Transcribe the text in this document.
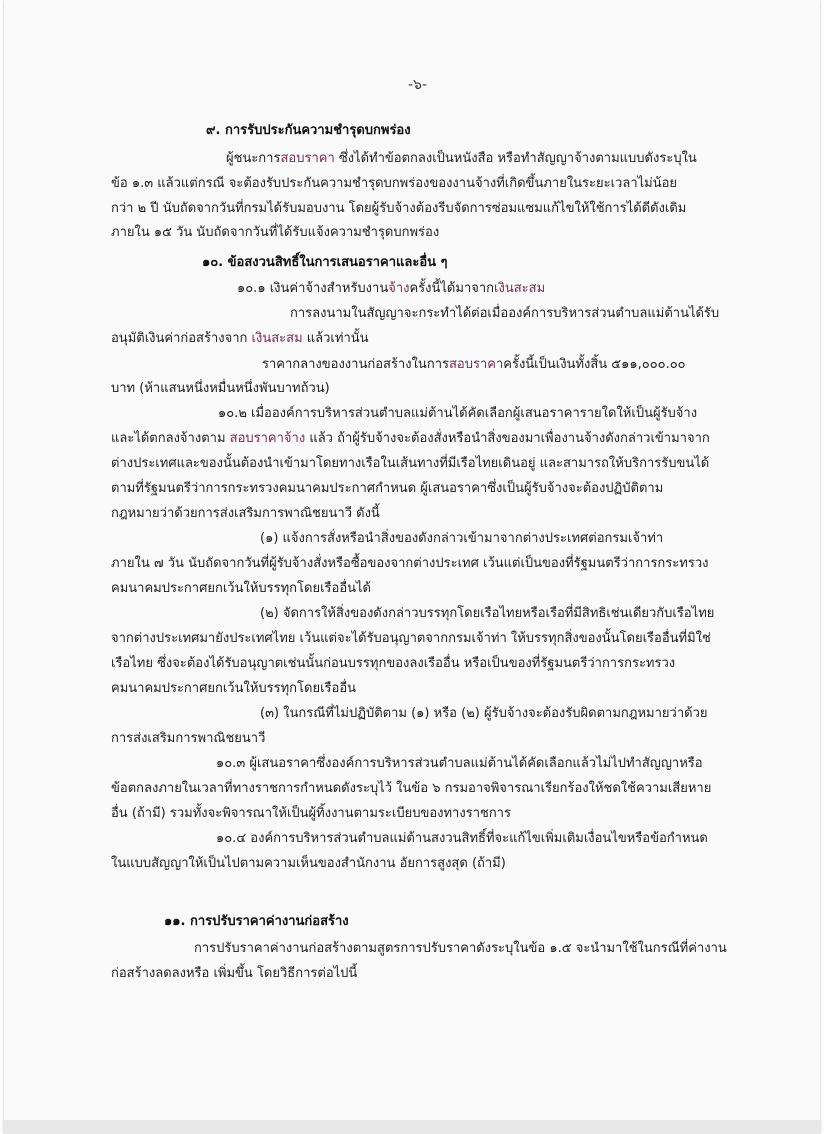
-๖-
๙. การรับประกันความชำรุดบกพร่อง
ผู้ชนะการสอบราคา ซึ่งได้ทำข้อตกลงเป็นหนังสือ หรือทำสัญญาจ้างตามแบบดังระบุใน
ข้อ ๑.๓ แล้วแต่กรณี จะต้องรับประกันความชำรุดบกพร่องของงานจ้างที่เกิดขึ้นภายในระยะเวลาไม่น้อย
กว่า ๒ ปี นับถัดจากวันที่กรมได้รับมอบงาน โดยผู้รับจ้างต้องรีบจัดการซ่อมแซมแก้ไขให้ใช้การได้ดีดังเดิม
ภายใน ๑๕ วัน นับถัดจากวันที่ได้รับแจ้งความชำรุดบกพร่อง
๑๐. ข้อสงวนสิทธิ์ในการเสนอราคาและอื่น ๆ
๑๐.๑ เงินค่าจ้างสำหรับงานจ้างครั้งนี้ได้มาจากเงินสะสม
การลงนามในสัญญาจะกระทำได้ต่อเมื่อองค์การบริหารส่วนตำบลแม่ต้านได้รับ
อนุมัติเงินค่าก่อสร้างจาก เงินสะสม แล้วเท่านั้น
ราคากลางของงานก่อสร้างในการสอบราคาครั้งนี้เป็นเงินทั้งสิ้น ๕๑๑,๐๐๐.๐๐
บาท (ห้าแสนหนึ่งหมื่นหนึ่งพันบาทถ้วน)
๑๐.๒ เมื่อองค์การบริหารส่วนตำบลแม่ต้านได้คัดเลือกผู้เสนอราคารายใดให้เป็นผู้รับจ้าง
และได้ตกลงจ้างตาม สอบราคาจ้าง แล้ว ถ้าผู้รับจ้างจะต้องสั่งหรือนำสิ่งของมาเพื่องานจ้างดังกล่าวเข้ามาจาก
ต่างประเทศและของนั้นต้องนำเข้ามาโดยทางเรือในเส้นทางที่มีเรือไทยเดินอยู่ และสามารถให้บริการรับขนได้
ตามที่รัฐมนตรีว่าการกระทรวงคมนาคมประกาศกำหนด ผู้เสนอราคาซึ่งเป็นผู้รับจ้างจะต้องปฏิบัติตาม
กฎหมายว่าด้วยการส่งเสริมการพาณิชยนาวี ดังนี้
(๑) แจ้งการสั่งหรือนำสิ่งของดังกล่าวเข้ามาจากต่างประเทศต่อกรมเจ้าท่า
ภายใน ๗ วัน นับถัดจากวันที่ผู้รับจ้างสั่งหรือซื้อของจากต่างประเทศ เว้นแต่เป็นของที่รัฐมนตรีว่าการกระทรวง
คมนาคมประกาศยกเว้นให้บรรทุกโดยเรืออื่นได้
(๒) จัดการให้สิ่งของดังกล่าวบรรทุกโดยเรือไทยหรือเรือที่มีสิทธิเช่นเดียวกับเรือไทย
จากต่างประเทศมายังประเทศไทย เว้นแต่จะได้รับอนุญาตจากกรมเจ้าท่า ให้บรรทุกสิ่งของนั้นโดยเรืออื่นที่มิใช่
เรือไทย ซึ่งจะต้องได้รับอนุญาตเช่นนั้นก่อนบรรทุกของลงเรืออื่น หรือเป็นของที่รัฐมนตรีว่าการกระทรวง
คมนาคมประกาศยกเว้นให้บรรทุกโดยเรืออื่น
(๓) ในกรณีที่ไม่ปฏิบัติตาม (๑) หรือ (๒) ผู้รับจ้างจะต้องรับผิดตามกฎหมายว่าด้วย
การส่งเสริมการพาณิชยนาวี
๑๐.๓ ผู้เสนอราคาซึ่งองค์การบริหารส่วนตำบลแม่ต้านได้คัดเลือกแล้วไม่ไปทำสัญญาหรือ
ข้อตกลงภายในเวลาที่ทางราชการกำหนดดังระบุไว้ ในข้อ ๖ กรมอาจพิจารณาเรียกร้องให้ชดใช้ความเสียหาย
อื่น (ถ้ามี) รวมทั้งจะพิจารณาให้เป็นผู้ทิ้งงานตามระเบียบของทางราชการ
๑๐.๔ องค์การบริหารส่วนตำบลแม่ต้านสงวนสิทธิ์ที่จะแก้ไขเพิ่มเติมเงื่อนไขหรือข้อกำหนด
ในแบบสัญญาให้เป็นไปตามความเห็นของสำนักงาน อัยการสูงสุด (ถ้ามี)
๑๑. การปรับราคาค่างานก่อสร้าง
การปรับราคาค่างานก่อสร้างตามสูตรการปรับราคาดังระบุในข้อ ๑.๕ จะนำมาใช้ในกรณีที่ค่างาน
ก่อสร้างลดลงหรือ เพิ่มขึ้น โดยวิธีการต่อไปนี้
